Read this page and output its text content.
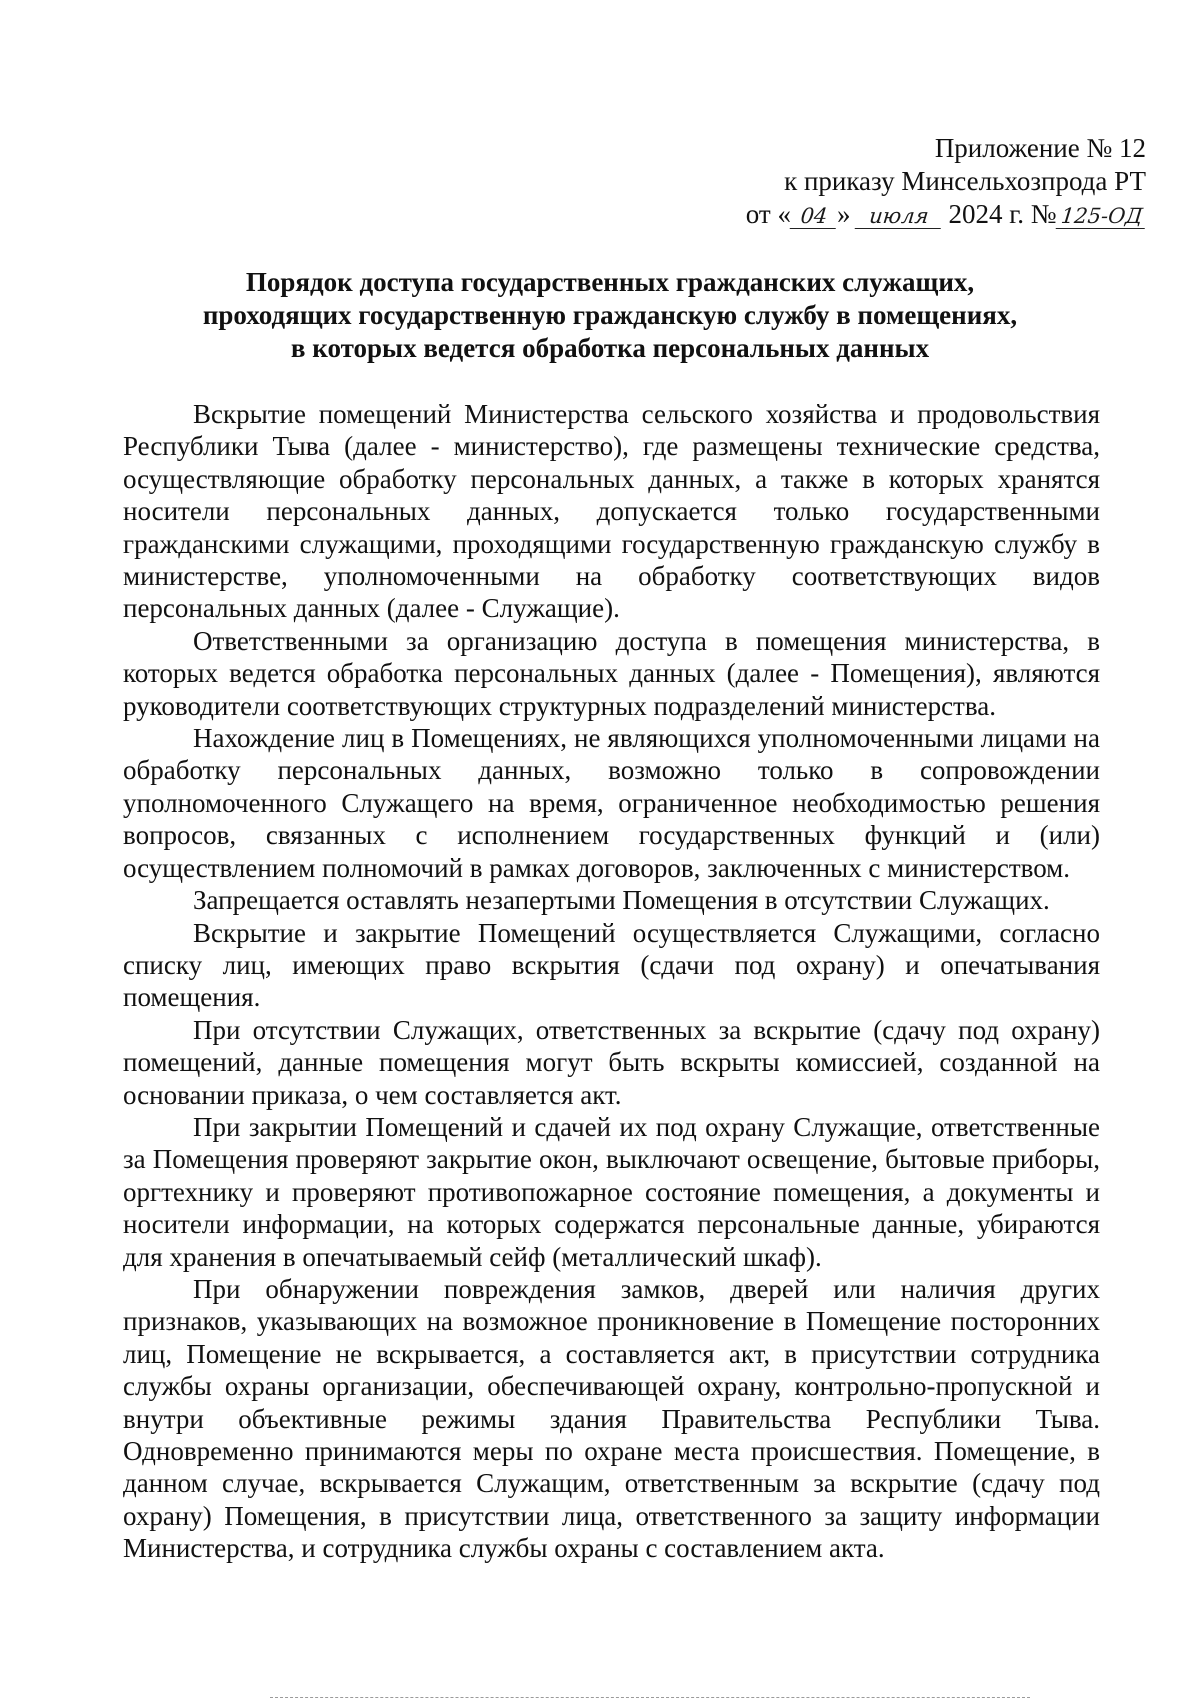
Приложение № 12
к приказу Минсельхозпрода РТ
от « 04 » июля 2024 г. № 125-ОД
Порядок доступа государственных гражданских служащих,
проходящих государственную гражданскую службу в помещениях,
в которых ведется обработка персональных данных

Вскрытие помещений Министерства сельского хозяйства и продовольствия Республики Тыва (далее - министерство), где размещены технические средства, осуществляющие обработку персональных данных, а также в которых хранятся носители персональных данных, допускается только государственными гражданскими служащими, проходящими государственную гражданскую службу в министерстве, уполномоченными на обработку соответствующих видов персональных данных (далее - Служащие).

Ответственными за организацию доступа в помещения министерства, в которых ведется обработка персональных данных (далее - Помещения), являются руководители соответствующих структурных подразделений министерства.

Нахождение лиц в Помещениях, не являющихся уполномоченными лицами на обработку персональных данных, возможно только в сопровождении уполномоченного Служащего на время, ограниченное необходимостью решения вопросов, связанных с исполнением государственных функций и (или) осуществлением полномочий в рамках договоров, заключенных с министерством.

Запрещается оставлять незапертыми Помещения в отсутствии Служащих.

Вскрытие и закрытие Помещений осуществляется Служащими, согласно списку лиц, имеющих право вскрытия (сдачи под охрану) и опечатывания помещения.

При отсутствии Служащих, ответственных за вскрытие (сдачу под охрану) помещений, данные помещения могут быть вскрыты комиссией, созданной на основании приказа, о чем составляется акт.

При закрытии Помещений и сдачей их под охрану Служащие, ответственные за Помещения проверяют закрытие окон, выключают освещение, бытовые приборы, оргтехнику и проверяют противопожарное состояние помещения, а документы и носители информации, на которых содержатся персональные данные, убираются для хранения в опечатываемый сейф (металлический шкаф).

При обнаружении повреждения замков, дверей или наличия других признаков, указывающих на возможное проникновение в Помещение посторонних лиц, Помещение не вскрывается, а составляется акт, в присутствии сотрудника службы охраны организации, обеспечивающей охрану, контрольно-пропускной и внутри объективные режимы здания Правительства Республики Тыва. Одновременно принимаются меры по охране места происшествия. Помещение, в данном случае, вскрывается Служащим, ответственным за вскрытие (сдачу под охрану) Помещения, в присутствии лица, ответственного за защиту информации Министерства, и сотрудника службы охраны с составлением акта.
